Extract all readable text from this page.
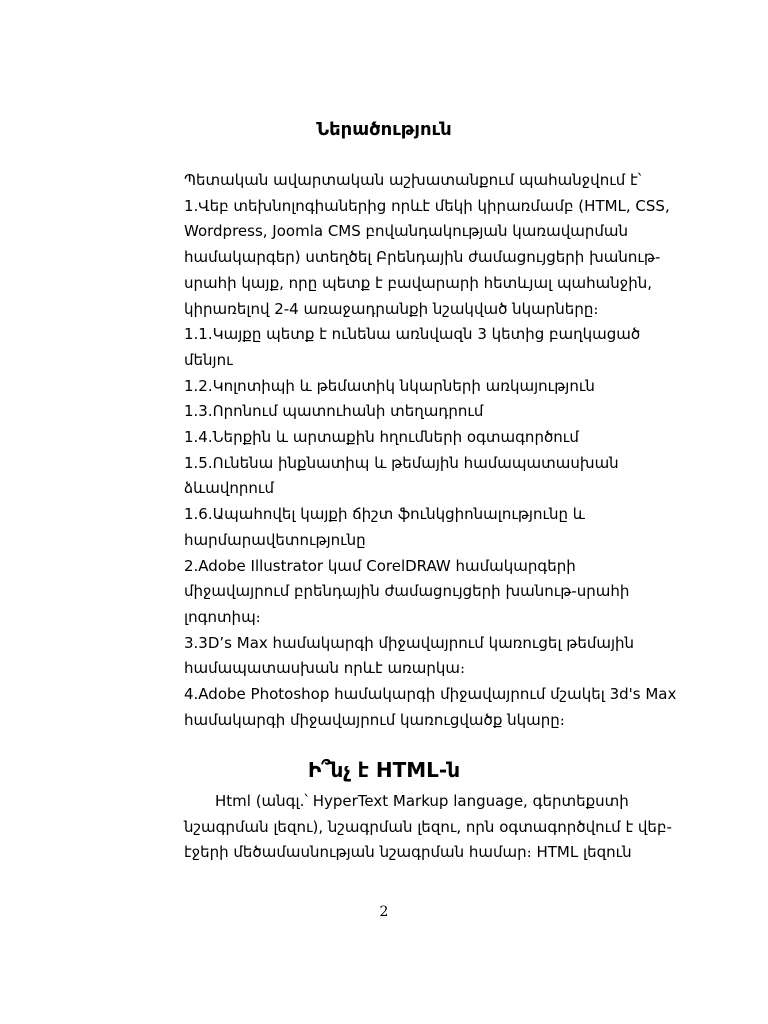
Ներածություն
Պետական ավարտական աշխատանքում պահանջվում է՝
1.Վեբ տեխնոլոգիաներից որևէ մեկի կիրառմամբ (HTML, CSS,
Wordpress, Joomla CMS բովանդակության կառավարման
համակարգեր) ստեղծել Բրենդային ժամացույցերի խանութ-
սրահի կայք, որը պետք է բավարարի հետևյալ պահանջին,
կիրառելով 2-4 առաջադրանքի նշակված նկարները։
1.1.Կայքը պետք է ունենա առնվազն 3 կետից բաղկացած
մենյու
1.2.Կոլոտիպի և թեմատիկ նկարների առկայություն
1.3.Որոնում պատուհանի տեղադրում
1.4.Ներքին և արտաքին հղումների օգտագործում
1.5.Ունենա ինքնատիպ և թեմային համապատասխան
ձևավորում
1.6.Ապահովել կայքի ճիշտ ֆունկցիոնալությունը և
հարմարավետությունը
2.Adobe Illustrator կամ CorelDRAW համակարգերի
միջավայրում բրենդային ժամացույցերի խանութ-սրահի
լոգոտիպ։
3.3D’s Max համակարգի միջավայրում կառուցել թեմային
համապատասխան որևէ առարկա։
4.Adobe Photoshop համակարգի միջավայրում մշակել 3d's Max
համակարգի միջավայրում կառուցվածք նկարը։
Ի՞նչ է HTML-ն
Html (անգլ.՝ HyperText Markup language, գերտեքստի
նշագրման լեզու), նշագրման լեզու, որն օգտագործվում է վեբ-
էջերի մեծամասնության նշագրման համար։ HTML լեզուն
2
